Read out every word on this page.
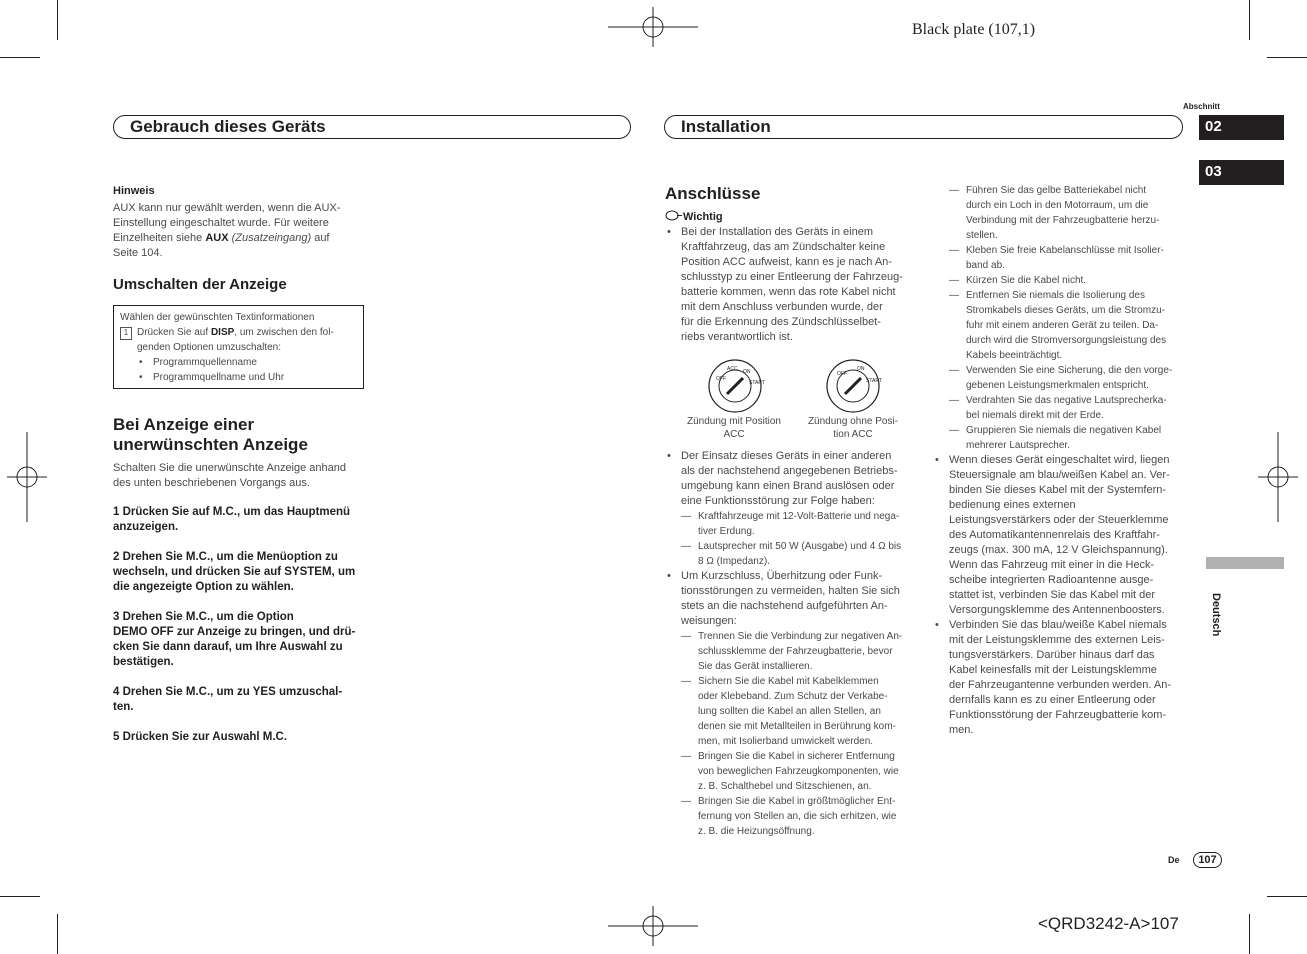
Black plate (107,1)
<QRD3242-A>107
Gebrauch dieses Geräts	Installation
Abschnitt
02
03
Deutsch

Hinweis

AUX kann nur gewählt werden, wenn die AUX-

Einstellung eingeschaltet wurde. Für weitere

Einzelheiten siehe AUX (Zusatzeingang) auf

Seite 104.

Umschalten der Anzeige

Wählen der gewünschten Textinformationen
1 Drücken Sie auf DISP, um zwischen den fol-
genden Optionen umzuschalten:
• Programmquellenname
• Programmquellname und Uhr

Bei Anzeige einer

unerwünschten Anzeige

Schalten Sie die unerwünschte Anzeige anhand

des unten beschriebenen Vorgangs aus.

1 Drücken Sie auf M.C., um das Hauptmenü

anzuzeigen.

2 Drehen Sie M.C., um die Menüoption zu

wechseln, und drücken Sie auf SYSTEM, um

die angezeigte Option zu wählen.

3 Drehen Sie M.C., um die Option

DEMO OFF zur Anzeige zu bringen, und drü-

cken Sie dann darauf, um Ihre Auswahl zu

bestätigen.

4 Drehen Sie M.C., um zu YES umzuschal-

ten.

5 Drücken Sie zur Auswahl M.C.

Anschlüsse

Wichtig

• Bei der Installation des Geräts in einem

Kraftfahrzeug, das am Zündschalter keine

Position ACC aufweist, kann es je nach An-

schlusstyp zu einer Entleerung der Fahrzeug-

batterie kommen, wenn das rote Kabel nicht

mit dem Anschluss verbunden wurde, der

für die Erkennung des Zündschlüsselbet-

riebs verantwortlich ist.

OFF
ACC ON
START
OFF
ON
START
Zündung mit Position
ACC
Zündung ohne Posi-
tion ACC

• Der Einsatz dieses Geräts in einer anderen

als der nachstehend angegebenen Betriebs-

umgebung kann einen Brand auslösen oder

eine Funktionsstörung zur Folge haben:

— Kraftfahrzeuge mit 12-Volt-Batterie und nega-

tiver Erdung.

— Lautsprecher mit 50 W (Ausgabe) und 4 Ω bis

8 Ω (Impedanz).

• Um Kurzschluss, Überhitzung oder Funk-

tionsstörungen zu vermeiden, halten Sie sich

stets an die nachstehend aufgeführten An-

weisungen:

— Trennen Sie die Verbindung zur negativen An-

schlussklemme der Fahrzeugbatterie, bevor

Sie das Gerät installieren.

— Sichern Sie die Kabel mit Kabelklemmen

oder Klebeband. Zum Schutz der Verkabe-

lung sollten die Kabel an allen Stellen, an

denen sie mit Metallteilen in Berührung kom-

men, mit Isolierband umwickelt werden.

— Bringen Sie die Kabel in sicherer Entfernung

von beweglichen Fahrzeugkomponenten, wie

z. B. Schalthebel und Sitzschienen, an.

— Bringen Sie die Kabel in größtmöglicher Ent-

fernung von Stellen an, die sich erhitzen, wie

z. B. die Heizungsöffnung.

— Führen Sie das gelbe Batteriekabel nicht

durch ein Loch in den Motorraum, um die

Verbindung mit der Fahrzeugbatterie herzu-

stellen.

— Kleben Sie freie Kabelanschlüsse mit Isolier-

band ab.

— Kürzen Sie die Kabel nicht.

— Entfernen Sie niemals die Isolierung des

Stromkabels dieses Geräts, um die Stromzu-

fuhr mit einem anderen Gerät zu teilen. Da-

durch wird die Stromversorgungsleistung des

Kabels beeinträchtigt.

— Verwenden Sie eine Sicherung, die den vorge-

gebenen Leistungsmerkmalen entspricht.

— Verdrahten Sie das negative Lautsprecherka-

bel niemals direkt mit der Erde.

— Gruppieren Sie niemals die negativen Kabel

mehrerer Lautsprecher.

• Wenn dieses Gerät eingeschaltet wird, liegen

Steuersignale am blau/weißen Kabel an. Ver-

binden Sie dieses Kabel mit der Systemfern-

bedienung eines externen

Leistungsverstärkers oder der Steuerklemme

des Automatikantennenrelais des Kraftfahr-

zeugs (max. 300 mA, 12 V Gleichspannung).

Wenn das Fahrzeug mit einer in die Heck-

scheibe integrierten Radioantenne ausge-

stattet ist, verbinden Sie das Kabel mit der

Versorgungsklemme des Antennenboosters.

• Verbinden Sie das blau/weiße Kabel niemals

mit der Leistungsklemme des externen Leis-

tungsverstärkers. Darüber hinaus darf das

Kabel keinesfalls mit der Leistungsklemme

der Fahrzeugantenne verbunden werden. An-

dernfalls kann es zu einer Entleerung oder

Funktionsstörung der Fahrzeugbatterie kom-

men.

De	107
